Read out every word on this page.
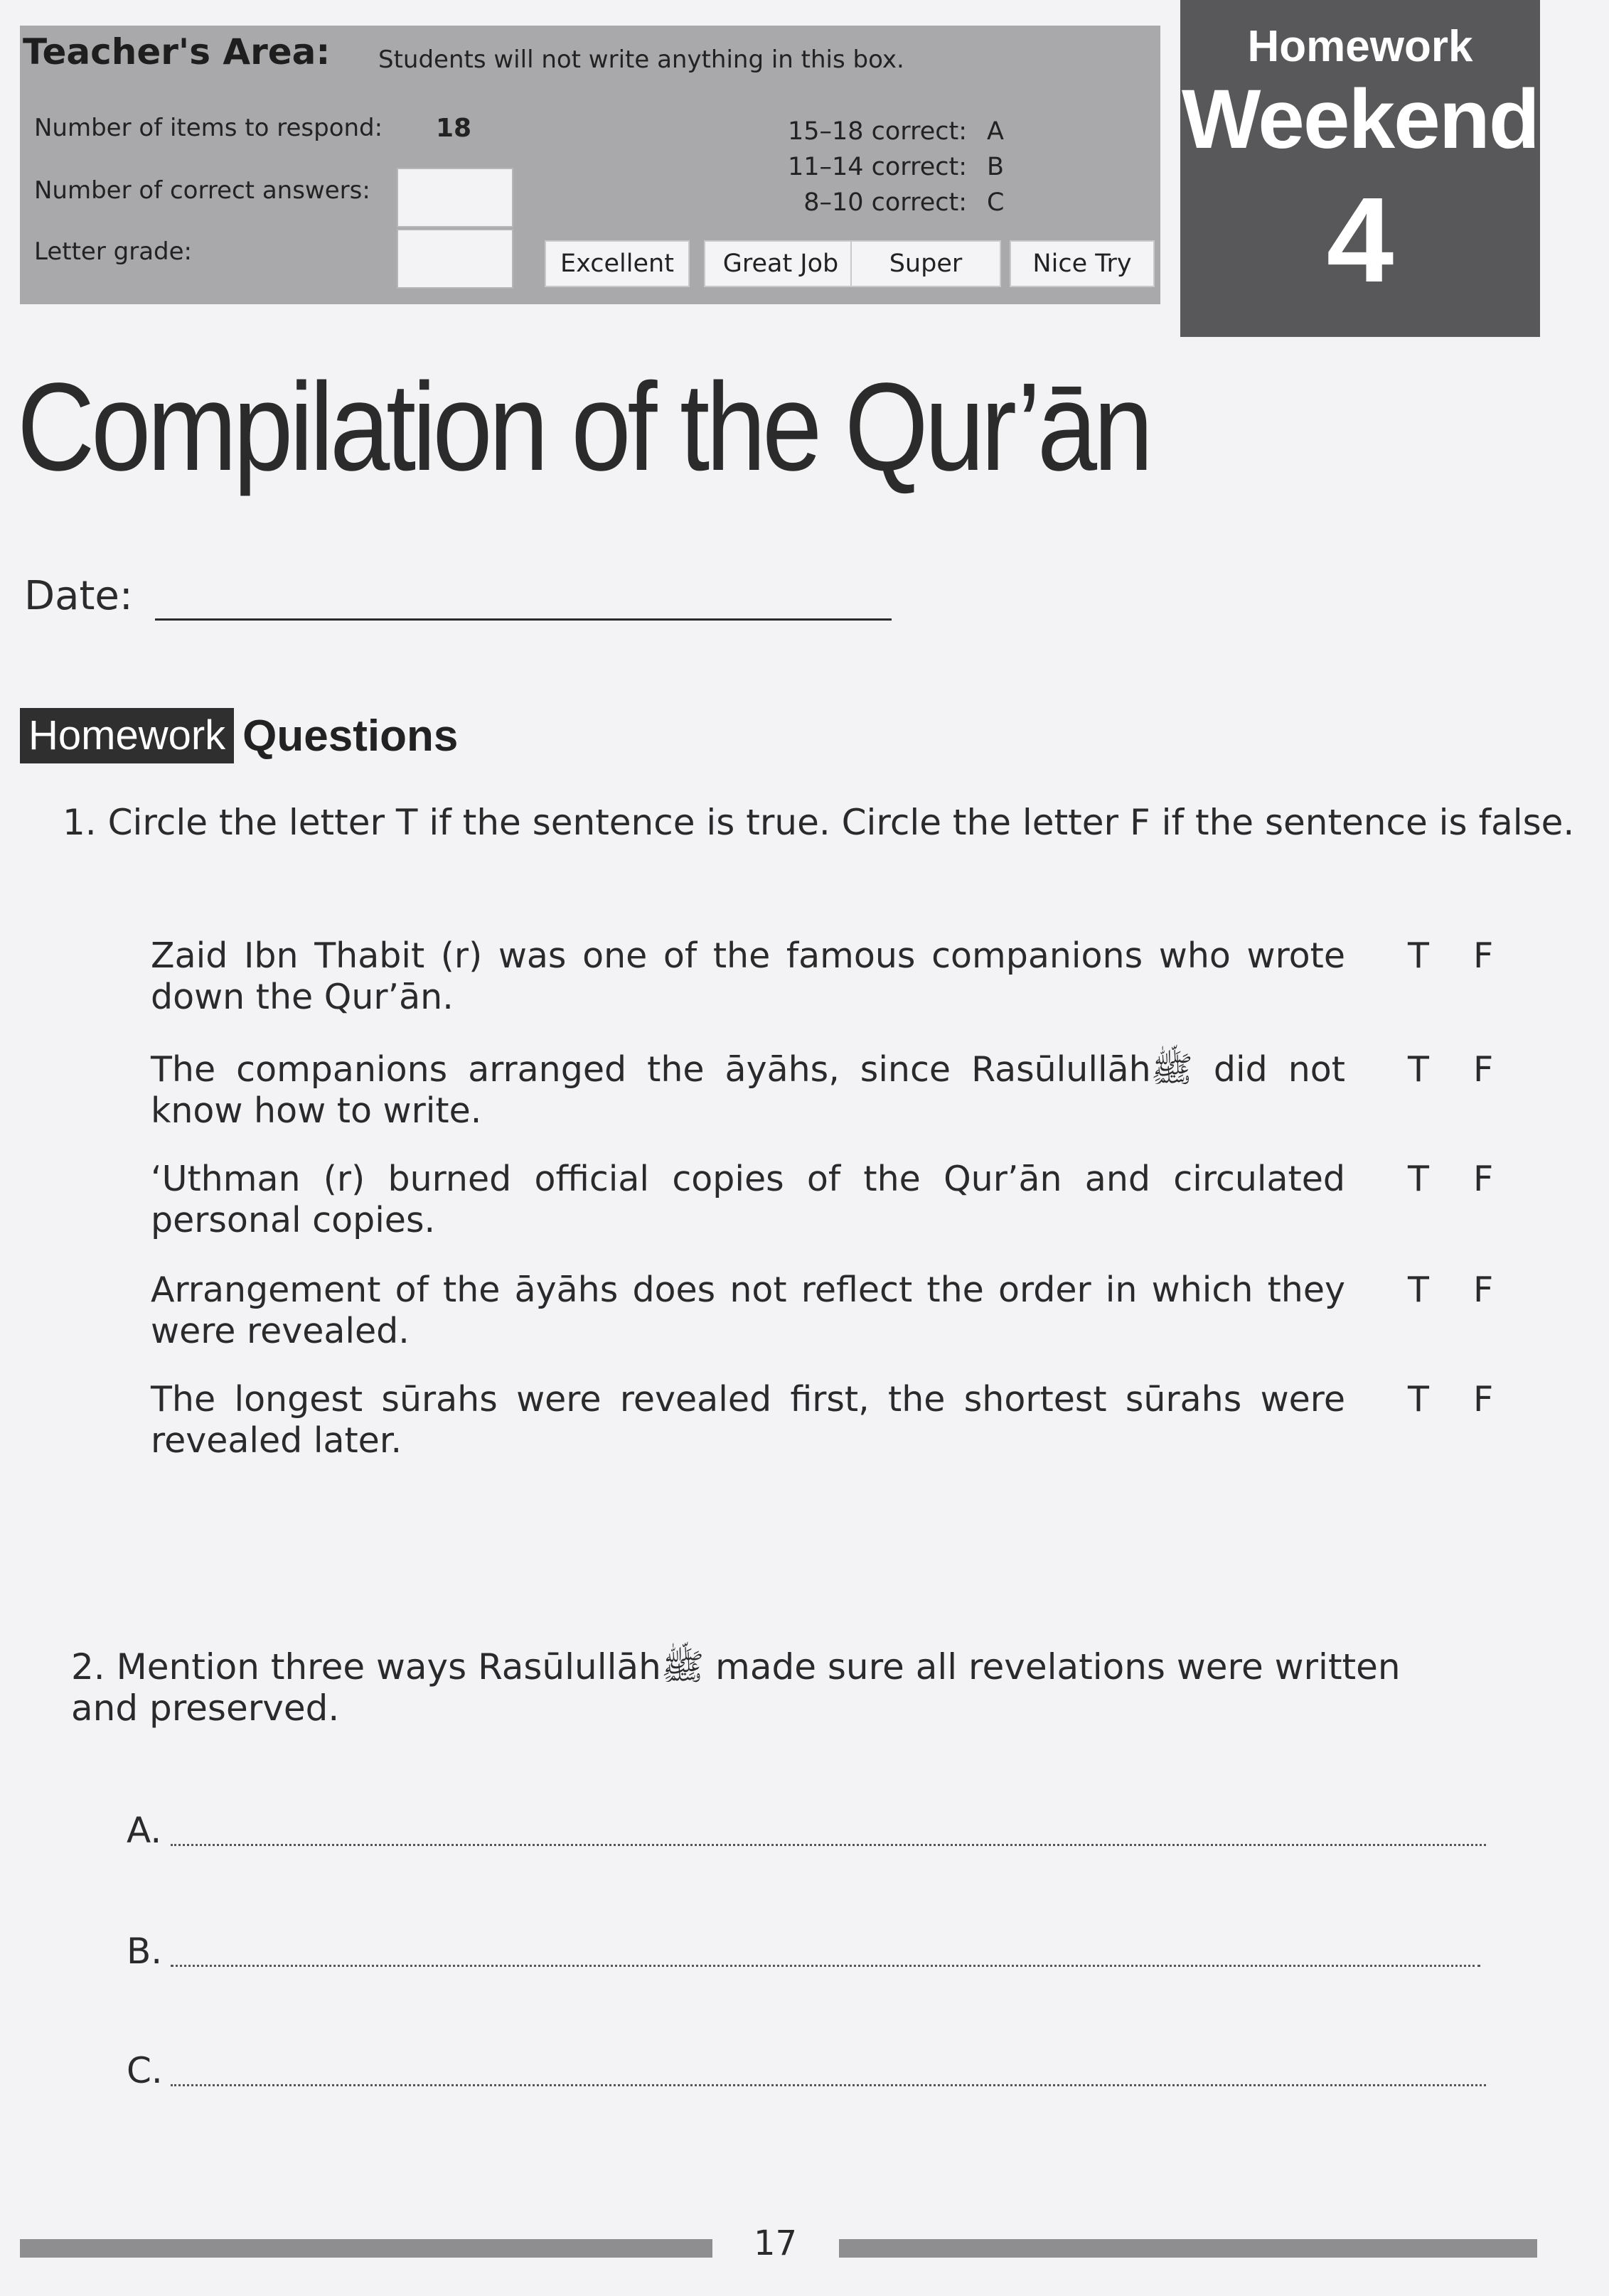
Teacher's Area: Students will not write anything in this box.
Number of items to respond: 18
Number of correct answers:
Letter grade:
15–18 correct: A
11–14 correct: B
8–10 correct: C
Excellent	Great Job	Super	Nice Try
Homework
Weekend
4
Compilation of the Qur’ān
Date:
Homework Questions
1. Circle the letter T if the sentence is true. Circle the letter F if the sentence is false.
Zaid Ibn Thabit (r) was one of the famous companions who wrote down the Qur’ān.
T F
The companions arranged the āyāhs, since Rasūlullāhﷺ did not know how to write.
T F
‘Uthman (r) burned official copies of the Qur’ān and circulated personal copies.
T F
Arrangement of the āyāhs does not reflect the order in which they were revealed.
T F
The longest sūrahs were revealed first, the shortest sūrahs were revealed later.
T F
2. Mention three ways Rasūlullāhﷺ made sure all revelations were written and preserved.
A.
B.
C.
17
